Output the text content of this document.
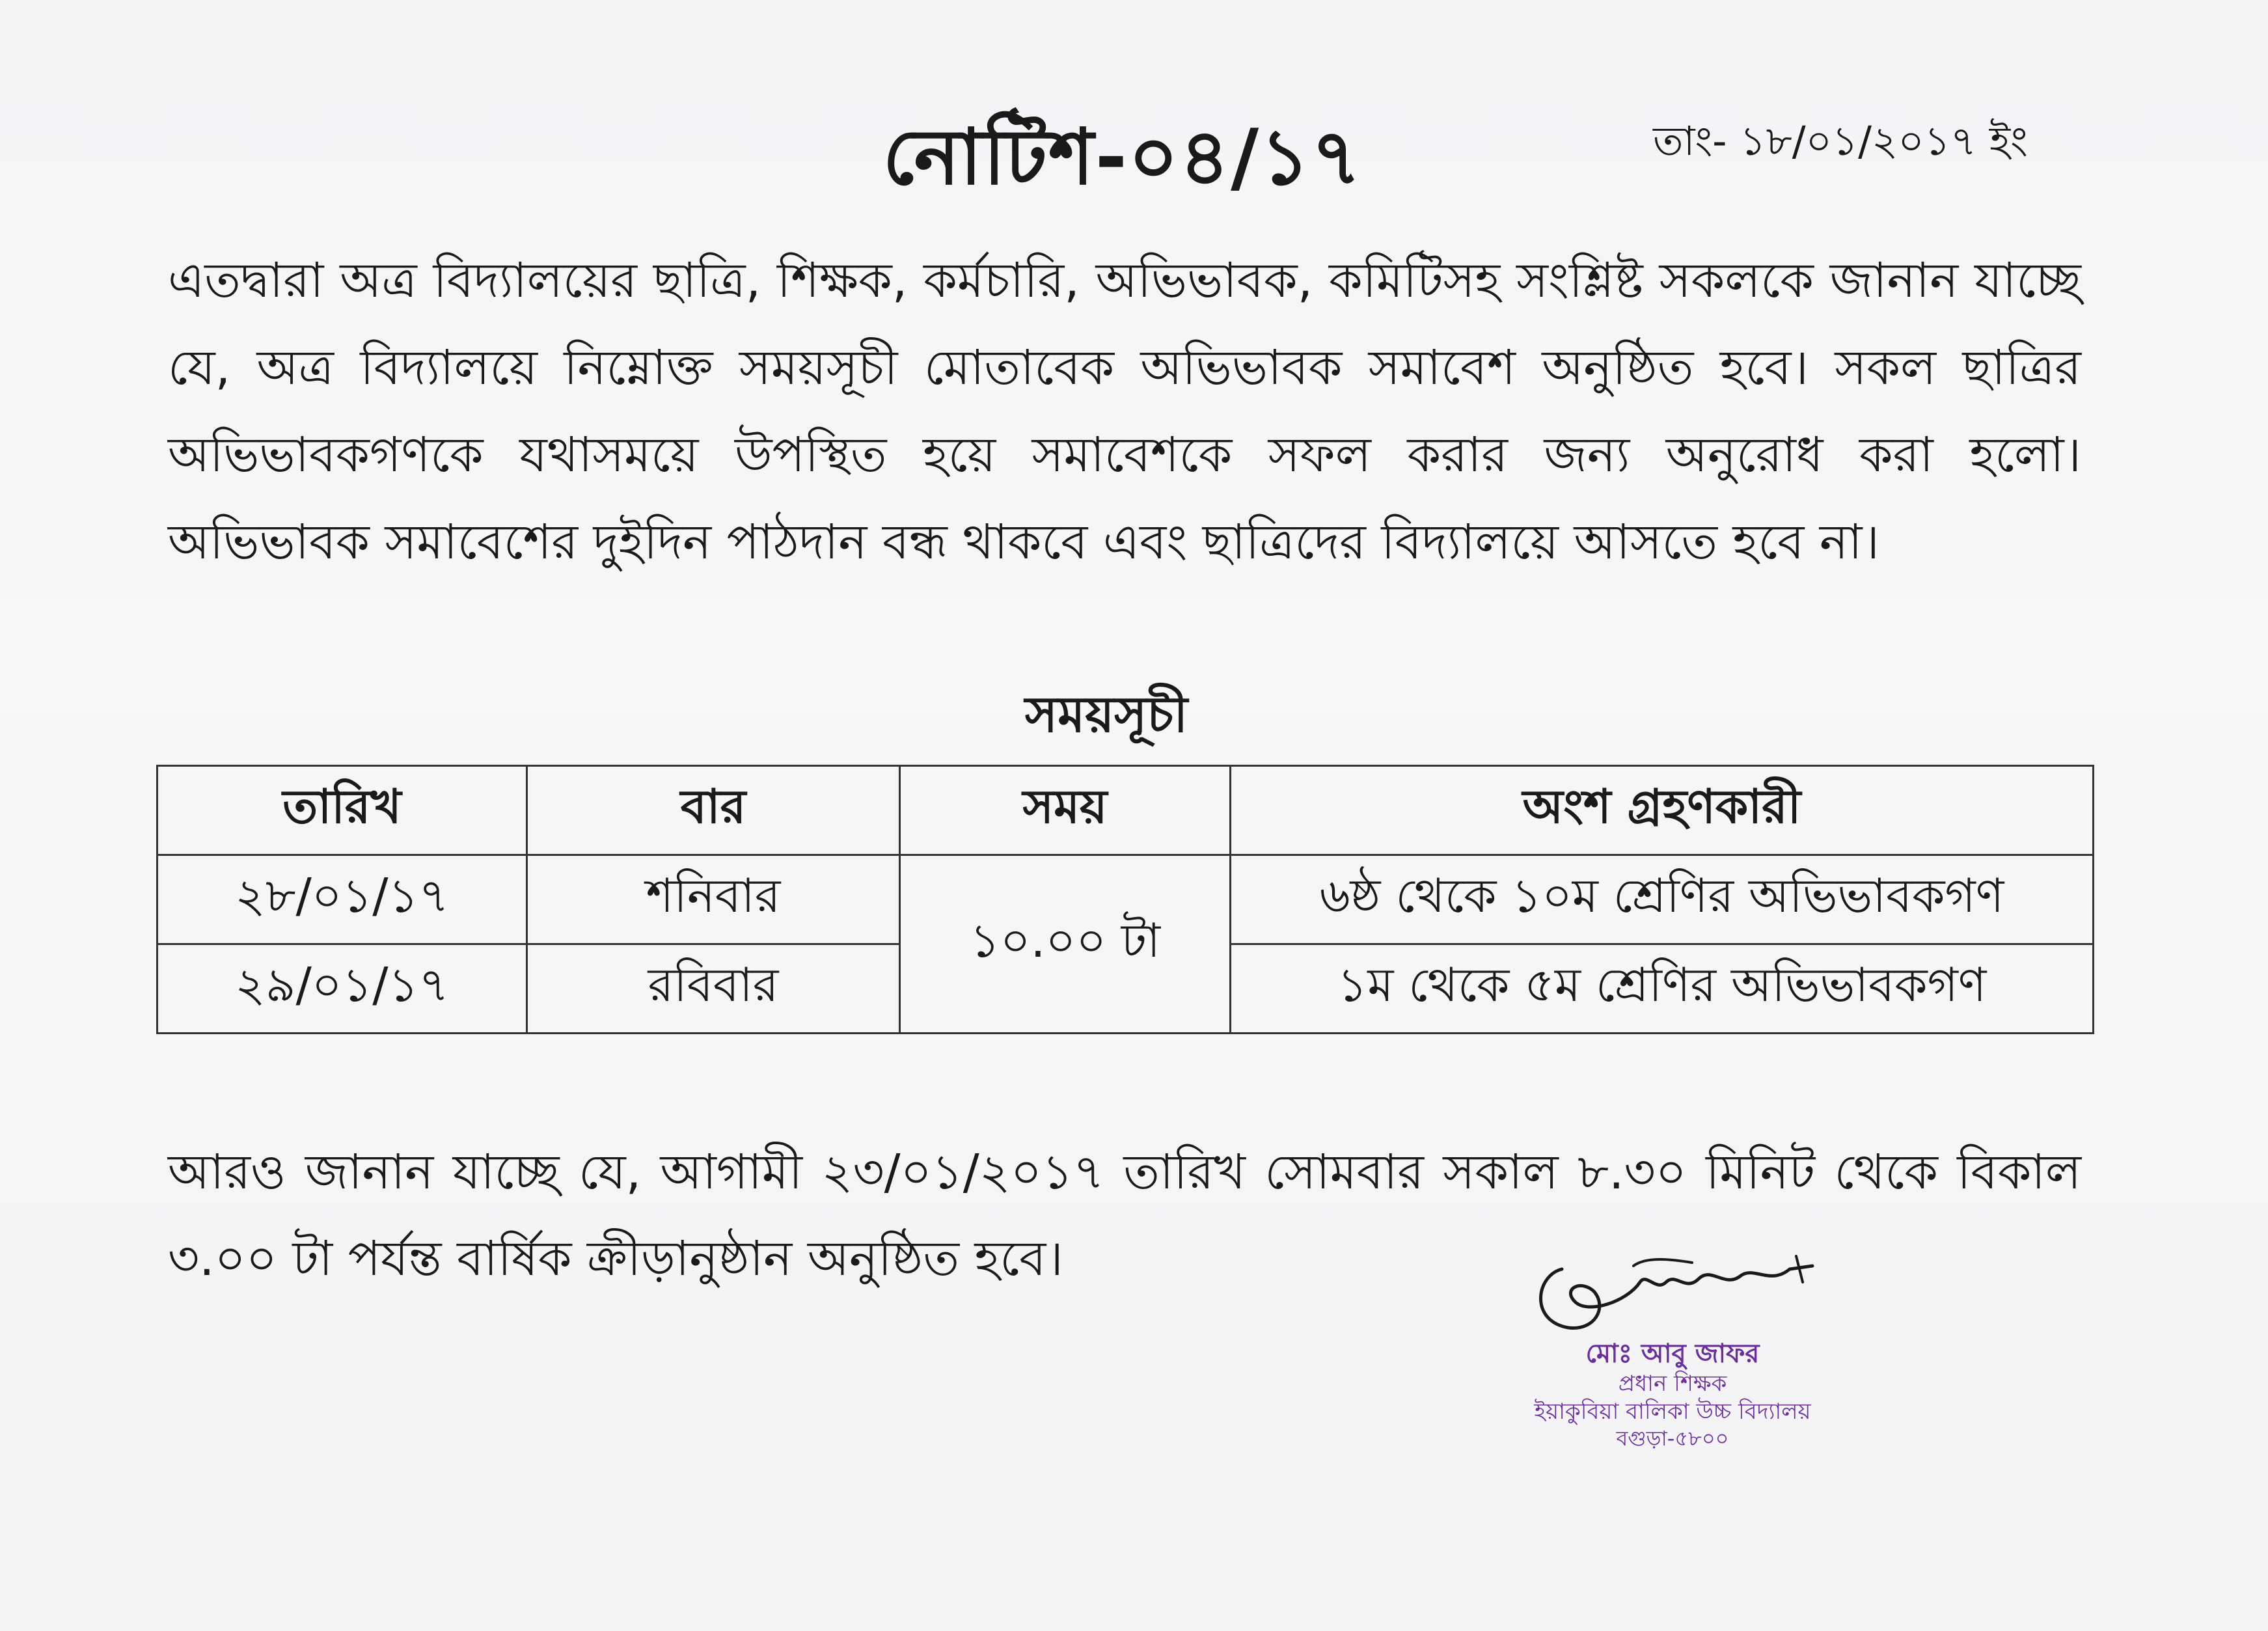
নোটিশ-০৪/১৭	তাং- ১৮/০১/২০১৭ ইং
এতদ্বারা অত্র বিদ্যালয়ের ছাত্রি, শিক্ষক, কর্মচারি, অভিভাবক, কমিটিসহ সংশ্লিষ্ট সকলকে জানান যাচ্ছে যে, অত্র বিদ্যালয়ে নিম্নোক্ত সময়সূচী মোতাবেক অভিভাবক সমাবেশ অনুষ্ঠিত হবে। সকল ছাত্রির অভিভাবকগণকে যথাসময়ে উপস্থিত হয়ে সমাবেশকে সফল করার জন্য অনুরোধ করা হলো। অভিভাবক সমাবেশের দুইদিন পাঠদান বন্ধ থাকবে এবং ছাত্রিদের বিদ্যালয়ে আসতে হবে না।
সময়সূচী
তারিখ	বার	সময়	অংশ গ্রহণকারী
২৮/০১/১৭	শনিবার	১০.০০ টা	৬ষ্ঠ থেকে ১০ম শ্রেণির অভিভাবকগণ
২৯/০১/১৭	রবিবার		১ম থেকে ৫ম শ্রেণির অভিভাবকগণ
আরও জানান যাচ্ছে যে, আগামী ২৩/০১/২০১৭ তারিখ সোমবার সকাল ৮.৩০ মিনিট থেকে বিকাল ৩.০০ টা পর্যন্ত বার্ষিক ক্রীড়ানুষ্ঠান অনুষ্ঠিত হবে।
মোঃ আবু জাফর
প্রধান শিক্ষক
ইয়াকুবিয়া বালিকা উচ্চ বিদ্যালয়
বগুড়া-৫৮০০
